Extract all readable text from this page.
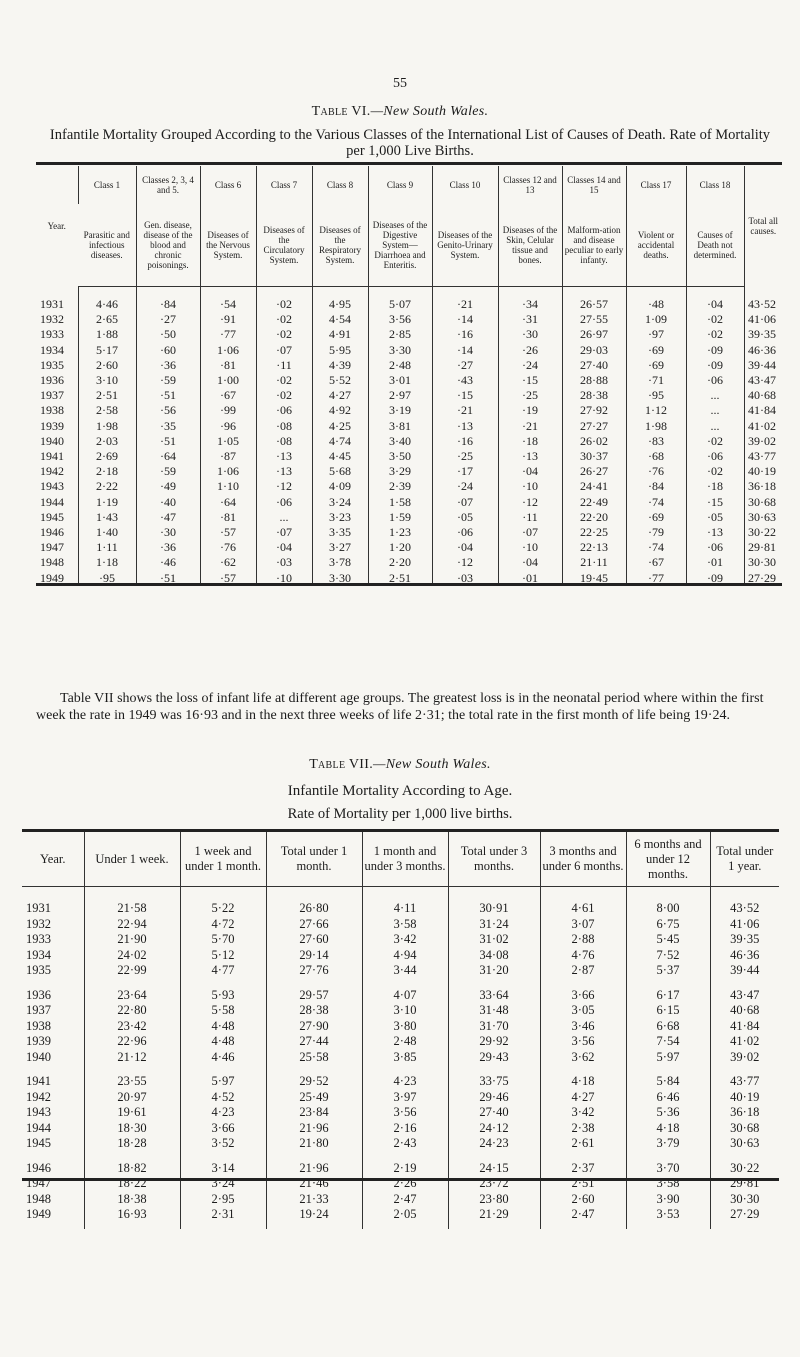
55
Table VI.—New South Wales.
Infantile Mortality Grouped According to the Various Classes of the International List of Causes of Death. Rate of Mortality per 1,000 Live Births.
Year.	Class 1	Classes 2, 3, 4 and 5.	Class 6	Class 7	Class 8	Class 9	Class 10	Classes 12 and 13	Classes 14 and 15	Class 17	Class 18	Total all causes.
	Parasitic and infectious diseases.	Gen. disease, disease of the blood and chronic poisonings.	Diseases of the Nervous System.	Diseases of the Circulatory System.	Diseases of the Respiratory System.	Diseases of the Digestive System— Diarrhoea and Enteritis.	Diseases of the Genito-Urinary System.	Diseases of the Skin, Celular tissue and bones.	Malform-ation and disease peculiar to early infanty.	Violent or accidental deaths.	Causes of Death not determined.	
1931	4·46	·84	·54	·02	4·95	5·07	·21	·34	26·57	·48	·04	43·52
1932	2·65	·27	·91	·02	4·54	3·56	·14	·31	27·55	1·09	·02	41·06
1933	1·88	·50	·77	·02	4·91	2·85	·16	·30	26·97	·97	·02	39·35
1934	5·17	·60	1·06	·07	5·95	3·30	·14	·26	29·03	·69	·09	46·36
1935	2·60	·36	·81	·11	4·39	2·48	·27	·24	27·40	·69	·09	39·44
1936	3·10	·59	1·00	·02	5·52	3·01	·43	·15	28·88	·71	·06	43·47
1937	2·51	·51	·67	·02	4·27	2·97	·15	·25	28·38	·95	...	40·68
1938	2·58	·56	·99	·06	4·92	3·19	·21	·19	27·92	1·12	...	41·84
1939	1·98	·35	·96	·08	4·25	3·81	·13	·21	27·27	1·98	...	41·02
1940	2·03	·51	1·05	·08	4·74	3·40	·16	·18	26·02	·83	·02	39·02
1941	2·69	·64	·87	·13	4·45	3·50	·25	·13	30·37	·68	·06	43·77
1942	2·18	·59	1·06	·13	5·68	3·29	·17	·04	26·27	·76	·02	40·19
1943	2·22	·49	1·10	·12	4·09	2·39	·24	·10	24·41	·84	·18	36·18
1944	1·19	·40	·64	·06	3·24	1·58	·07	·12	22·49	·74	·15	30·68
1945	1·43	·47	·81	...	3·23	1·59	·05	·11	22·20	·69	·05	30·63
1946	1·40	·30	·57	·07	3·35	1·23	·06	·07	22·25	·79	·13	30·22
1947	1·11	·36	·76	·04	3·27	1·20	·04	·10	22·13	·74	·06	29·81
1948	1·18	·46	·62	·03	3·78	2·20	·12	·04	21·11	·67	·01	30·30
1949	·95	·51	·57	·10	3·30	2·51	·03	·01	19·45	·77	·09	27·29
Table VII shows the loss of infant life at different age groups. The greatest loss is in the neonatal period where within the first week the rate in 1949 was 16·93 and in the next three weeks of life 2·31; the total rate in the first month of life being 19·24.
Table VII.—New South Wales.
Infantile Mortality According to Age.
Rate of Mortality per 1,000 live births.
Year.	Under 1 week.	1 week and under 1 month.	Total under 1 month.	1 month and under 3 months.	Total under 3 months.	3 months and under 6 months.	6 months and under 12 months.	Total under 1 year.
1931	21·58	5·22	26·80	4·11	30·91	4·61	8·00	43·52
1932	22·94	4·72	27·66	3·58	31·24	3·07	6·75	41·06
1933	21·90	5·70	27·60	3·42	31·02	2·88	5·45	39·35
1934	24·02	5·12	29·14	4·94	34·08	4·76	7·52	46·36
1935	22·99	4·77	27·76	3·44	31·20	2·87	5·37	39·44
1936	23·64	5·93	29·57	4·07	33·64	3·66	6·17	43·47
1937	22·80	5·58	28·38	3·10	31·48	3·05	6·15	40·68
1938	23·42	4·48	27·90	3·80	31·70	3·46	6·68	41·84
1939	22·96	4·48	27·44	2·48	29·92	3·56	7·54	41·02
1940	21·12	4·46	25·58	3·85	29·43	3·62	5·97	39·02
1941	23·55	5·97	29·52	4·23	33·75	4·18	5·84	43·77
1942	20·97	4·52	25·49	3·97	29·46	4·27	6·46	40·19
1943	19·61	4·23	23·84	3·56	27·40	3·42	5·36	36·18
1944	18·30	3·66	21·96	2·16	24·12	2·38	4·18	30·68
1945	18·28	3·52	21·80	2·43	24·23	2·61	3·79	30·63
1946	18·82	3·14	21·96	2·19	24·15	2·37	3·70	30·22
1947	18·22	3·24	21·46	2·26	23·72	2·51	3·58	29·81
1948	18·38	2·95	21·33	2·47	23·80	2·60	3·90	30·30
1949	16·93	2·31	19·24	2·05	21·29	2·47	3·53	27·29
